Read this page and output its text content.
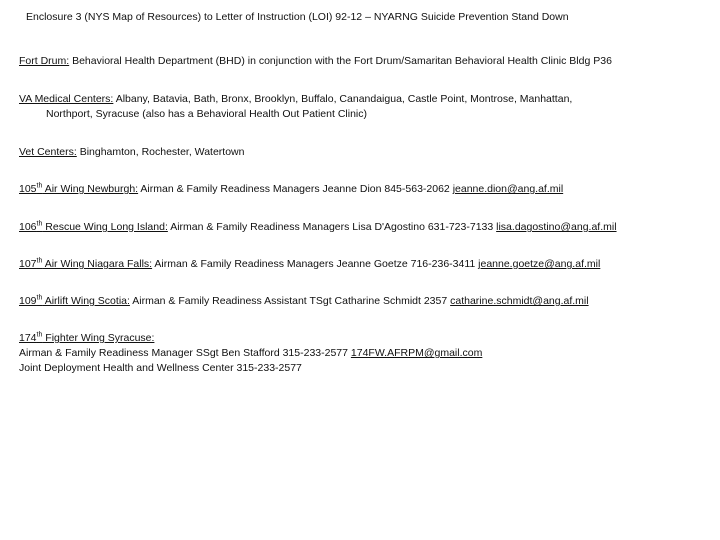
Enclosure 3 (NYS Map of Resources) to Letter of Instruction (LOI) 92-12 – NYARNG Suicide Prevention Stand Down
Fort Drum: Behavioral Health Department (BHD) in conjunction with the Fort Drum/Samaritan Behavioral Health Clinic Bldg P36
VA Medical Centers: Albany, Batavia, Bath, Bronx, Brooklyn, Buffalo, Canandaigua, Castle Point, Montrose, Manhattan,
Northport, Syracuse (also has a Behavioral Health Out Patient Clinic)
Vet Centers: Binghamton, Rochester, Watertown
105th Air Wing Newburgh: Airman & Family Readiness Managers Jeanne Dion 845-563-2062 jeanne.dion@ang.af.mil
106th Rescue Wing Long Island: Airman & Family Readiness Managers Lisa D'Agostino 631-723-7133 lisa.dagostino@ang.af.mil
107th Air Wing Niagara Falls: Airman & Family Readiness Managers Jeanne Goetze 716-236-3411 jeanne.goetze@ang.af.mil
109th Airlift Wing Scotia: Airman & Family Readiness Assistant TSgt Catharine Schmidt 2357 catharine.schmidt@ang.af.mil
174th Fighter Wing Syracuse:
Airman & Family Readiness Manager SSgt Ben Stafford 315-233-2577 174FW.AFRPM@gmail.com
Joint Deployment Health and Wellness Center 315-233-2577
